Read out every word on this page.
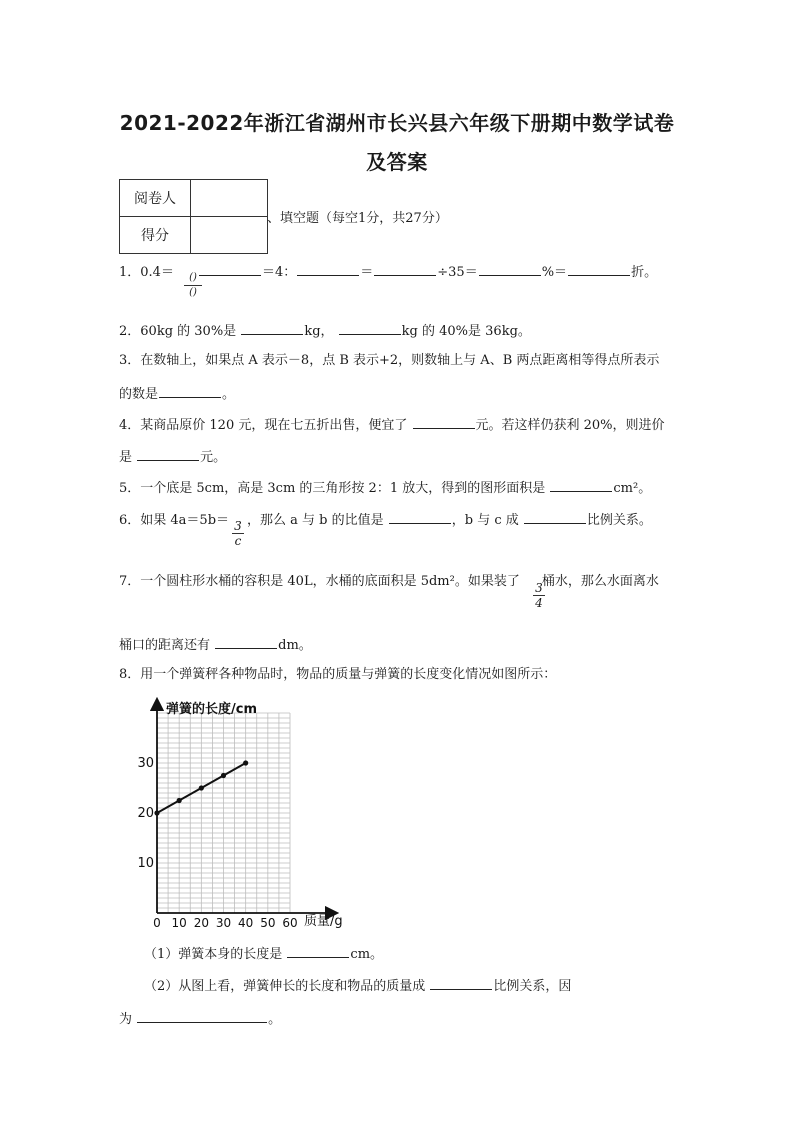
2021-2022年浙江省湖州市长兴县六年级下册期中数学试卷
及答案
阅卷人	
得分	
、填空题（每空1分，共27分）
1．0.4＝	＝4：	＝	÷35＝	%＝	折。
()
()
2．60kg 的 30%是	kg，	kg 的 40%是 36kg。
3．在数轴上，如果点 A 表示－8，点 B 表示+2，则数轴上与 A、B 两点距离相等得点所表示
的数是	。
4．某商品原价 120 元，现在七五折出售，便宜了	元。若这样仍获利 20%，则进价
是	元。
5．一个底是 5cm，高是 3cm 的三角形按 2：1 放大，得到的图形面积是	cm²。
6．如果 4a＝5b＝ ，那么 a 与 b 的比值是	，b 与 c 成	比例关系。
3
c
7．一个圆柱形水桶的容积是 40L，水桶的底面积是 5dm²。如果装了 桶水，那么水面离水
3
4
桶口的距离还有	dm。
8．用一个弹簧秤各种物品时，物品的质量与弹簧的长度变化情况如图所示：
0 10 20 30 40 50 60
10
20
30
弹簧的长度/cm
质量/g
（1）弹簧本身的长度是	cm。
（2）从图上看，弹簧伸长的长度和物品的质量成	比例关系，因
为	。
